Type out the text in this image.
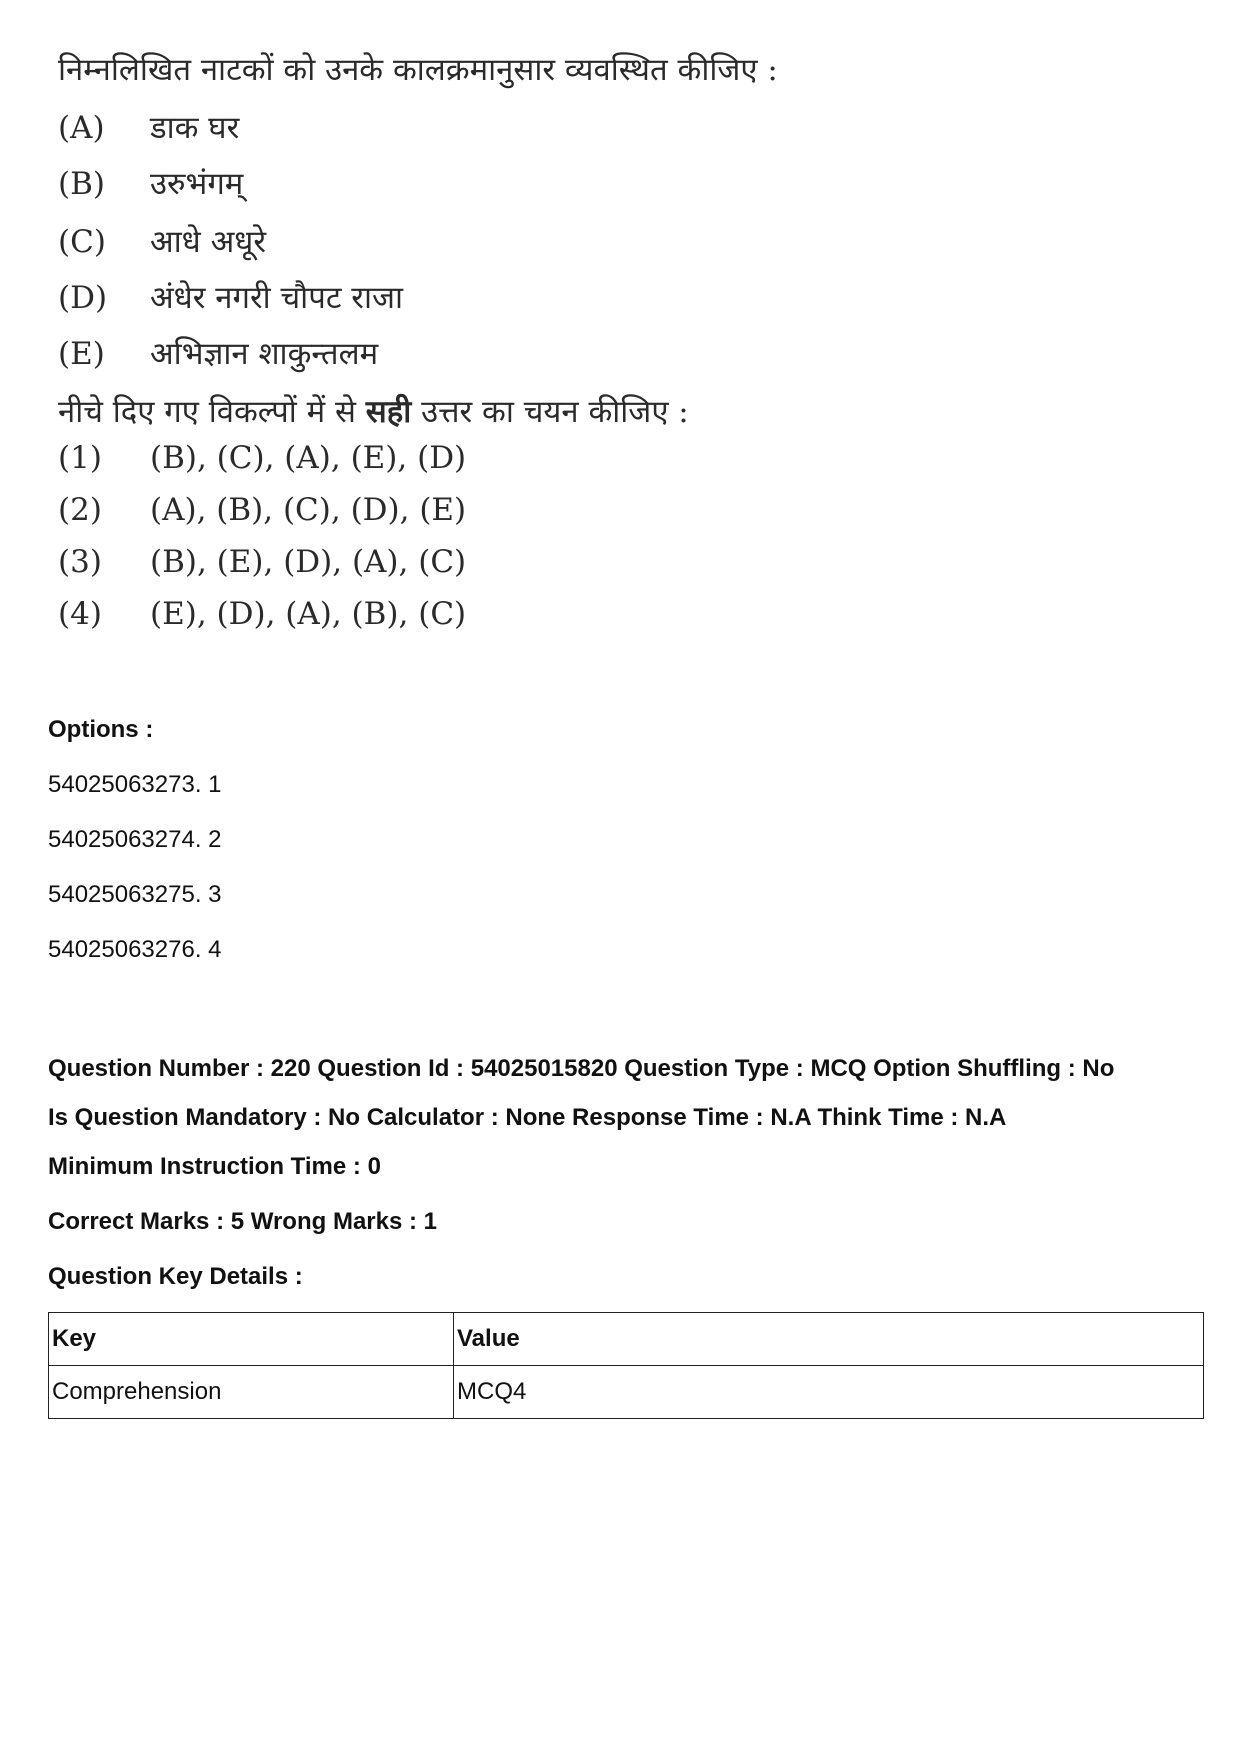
निम्नलिखित नाटकों को उनके कालक्रमानुसार व्यवस्थित कीजिए :
(A) डाक घर
(B) उरुभंगम्
(C) आधे अधूरे
(D) अंधेर नगरी चौपट राजा
(E) अभिज्ञान शाकुन्तलम
नीचे दिए गए विकल्पों में से सही उत्तर का चयन कीजिए :
(1) (B), (C), (A), (E), (D)
(2) (A), (B), (C), (D), (E)
(3) (B), (E), (D), (A), (C)
(4) (E), (D), (A), (B), (C)
Options :
54025063273. 1
54025063274. 2
54025063275. 3
54025063276. 4
Question Number : 220 Question Id : 54025015820 Question Type : MCQ Option Shuffling : No
Is Question Mandatory : No Calculator : None Response Time : N.A Think Time : N.A
Minimum Instruction Time : 0
Correct Marks : 5 Wrong Marks : 1
Question Key Details :
Key	Value
Comprehension	MCQ4
